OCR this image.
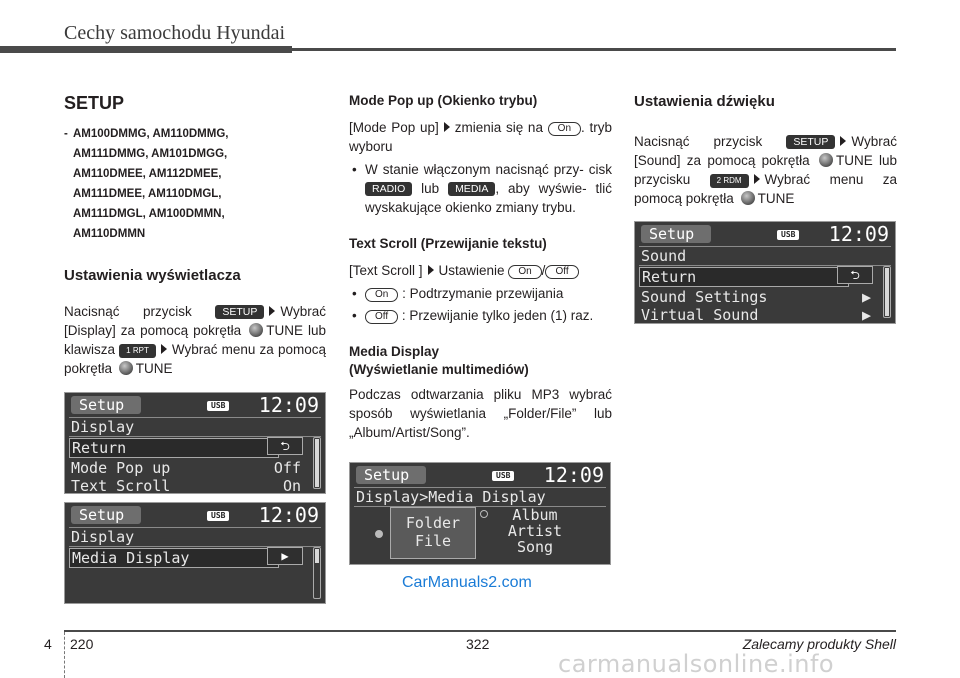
Cechy samochodu Hyundai
SETUP
- AM100DMMG, AM110DMMG,
AM111DMMG, AM101DMGG,
AM110DMEE, AM112DMEE,
AM111DMEE, AM110DMGL,
AM111DMGL, AM100DMMN,
AM110DMMN
Ustawienia wyświetlacza

Nacisnąć przycisk	SETUP Wybrać [Display] za pomocą pokrętła TUNE lub klawisza 1 RPT Wybrać menu za pomocą pokrętła TUNE

Setup	USB 12:09
Display
Return	⮌
Mode Pop up	Off
Text Scroll	On
Setup	USB 12:09
Display
Media Display	▶
Mode Pop up (Okienko trybu)

[Mode Pop up] zmienia się na On . tryb wyboru

• W stanie włączonym nacisnąć przy- cisk RADIO lub MEDIA , aby wyświe- tlić wyskakujące okienko zmiany trybu.
Text Scroll (Przewijanie tekstu)

[Text Scroll ] Ustawienie On / Off

• On : Podtrzymanie przewijania
• Off : Przewijanie tylko jeden (1) raz.
Media Display
(Wyświetlanie multimediów)

Podczas odtwarzania pliku MP3 wybrać sposób wyświetlania „Folder/File” lub „Album/Artist/Song”.

Setup	USB 12:09
Display>Media Display
Folder
File
Album
Artist
Song
CarManuals2.com
Ustawienia dźwięku

Nacisnąć przycisk	SETUP Wybrać [Sound] za pomocą pokrętła TUNE lub przycisku	2 RDM Wybrać menu za pomocą pokrętła TUNE

Setup	USB 12:09
Sound
Return	⮌
Sound Settings	▶
Virtual Sound	▶
4 220	322	Zalecamy produkty Shell
carmanualsonline.info
